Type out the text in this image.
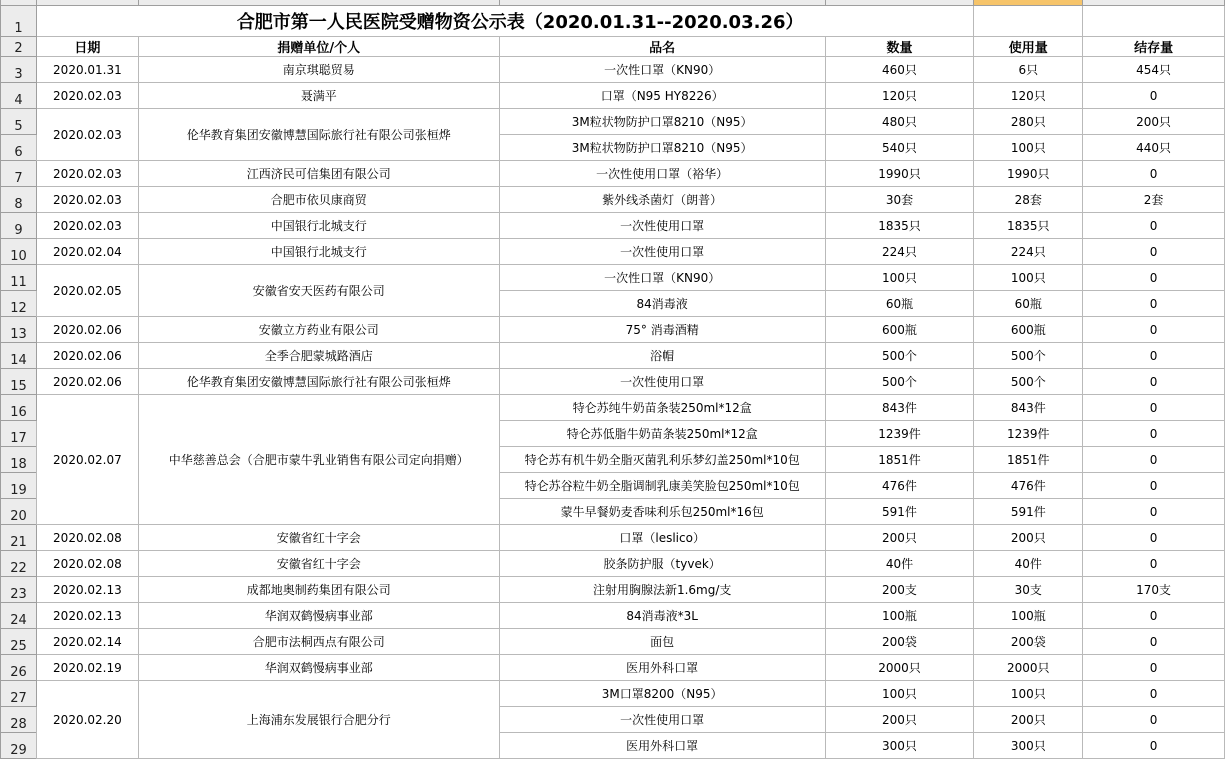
1	合肥市第一人民医院受赠物资公示表（2020.01.31--2020.03.26）					
2	日期	捐赠单位/个人	品名	数量	使用量	结存量
3	2020.01.31	南京琪聪贸易	一次性口罩（KN90）	460只	6只	454只
4	2020.02.03	聂满平	口罩（N95 HY8226）	120只	120只	0
5	2020.02.03	伦华教育集团安徽博慧国际旅行社有限公司张桓烨	3M粒状物防护口罩8210（N95）	480只	280只	200只
6			3M粒状物防护口罩8210（N95）	540只	100只	440只
7	2020.02.03	江西济民可信集团有限公司	一次性使用口罩（裕华）	1990只	1990只	0
8	2020.02.03	合肥市依贝康商贸	紫外线杀菌灯（朗普）	30套	28套	2套
9	2020.02.03	中国银行北城支行	一次性使用口罩	1835只	1835只	0
10	2020.02.04	中国银行北城支行	一次性使用口罩	224只	224只	0
11	2020.02.05	安徽省安天医药有限公司	一次性口罩（KN90）	100只	100只	0
12			84消毒液	60瓶	60瓶	0
13	2020.02.06	安徽立方药业有限公司	75° 消毒酒精	600瓶	600瓶	0
14	2020.02.06	全季合肥蒙城路酒店	浴帽	500个	500个	0
15	2020.02.06	伦华教育集团安徽博慧国际旅行社有限公司张桓烨	一次性使用口罩	500个	500个	0
16	2020.02.07	中华慈善总会（合肥市蒙牛乳业销售有限公司定向捐赠）	特仑苏纯牛奶苗条装250ml*12盒	843件	843件	0
17			特仑苏低脂牛奶苗条装250ml*12盒	1239件	1239件	0
18			特仑苏有机牛奶全脂灭菌乳利乐梦幻盖250ml*10包	1851件	1851件	0
19			特仑苏谷粒牛奶全脂调制乳康美笑脸包250ml*10包	476件	476件	0
20			蒙牛早餐奶麦香味利乐包250ml*16包	591件	591件	0
21	2020.02.08	安徽省红十字会	口罩（leslico）	200只	200只	0
22	2020.02.08	安徽省红十字会	胶条防护服（tyvek）	40件	40件	0
23	2020.02.13	成都地奥制药集团有限公司	注射用胸腺法新1.6mg/支	200支	30支	170支
24	2020.02.13	华润双鹤慢病事业部	84消毒液*3L	100瓶	100瓶	0
25	2020.02.14	合肥市法桐西点有限公司	面包	200袋	200袋	0
26	2020.02.19	华润双鹤慢病事业部	医用外科口罩	2000只	2000只	0
27	2020.02.20	上海浦东发展银行合肥分行	3M口罩8200（N95）	100只	100只	0
28			一次性使用口罩	200只	200只	0
29			医用外科口罩	300只	300只	0
